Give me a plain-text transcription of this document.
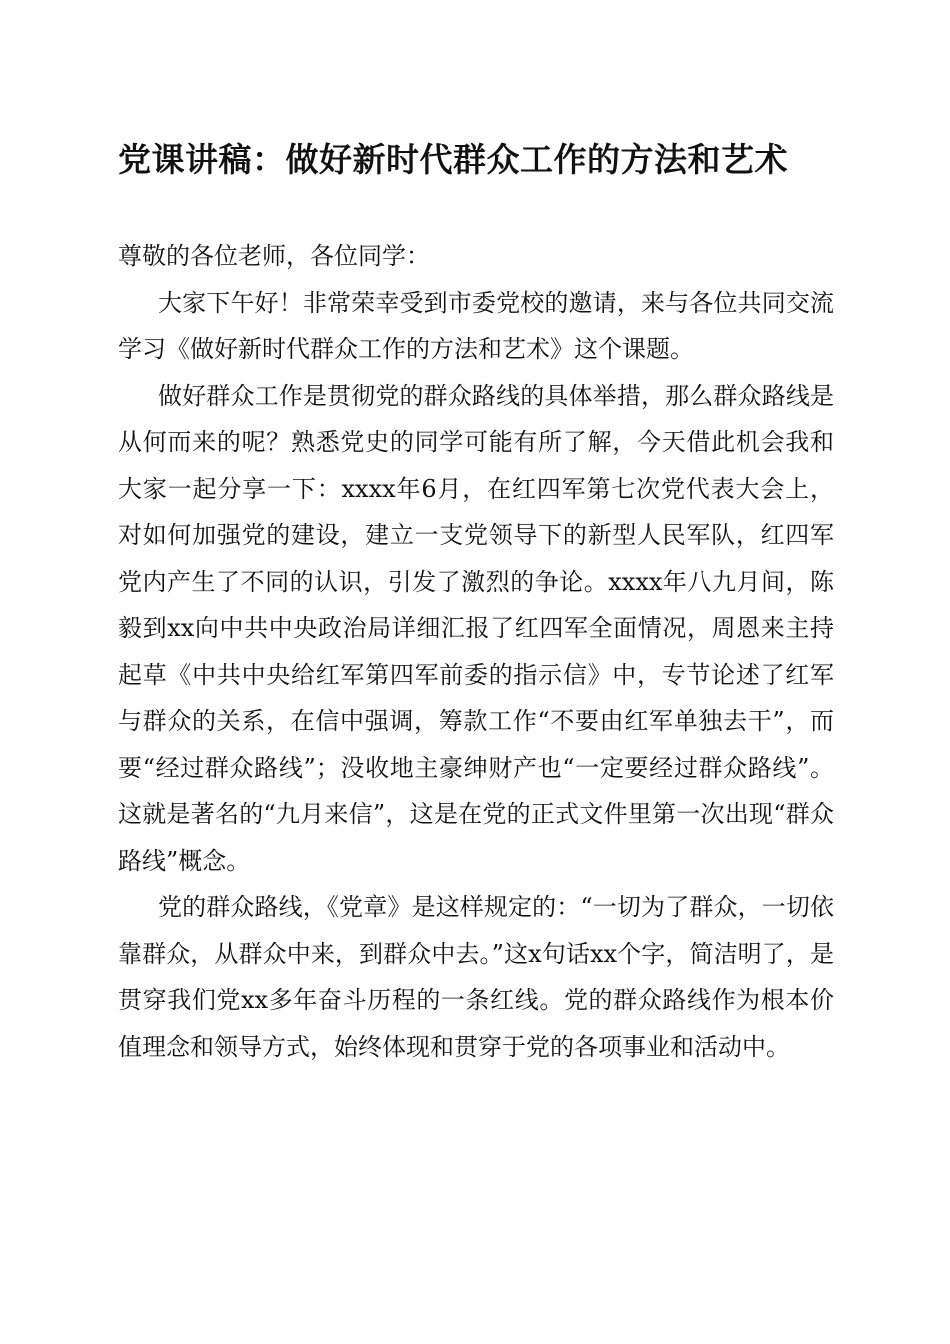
党课讲稿：做好新时代群众工作的方法和艺术

尊敬的各位老师，各位同学：

大家下午好！非常荣幸受到市委党校的邀请，来与各位共同交流学习《做好新时代群众工作的方法和艺术》这个课题。

做好群众工作是贯彻党的群众路线的具体举措，那么群众路线是从何而来的呢？熟悉党史的同学可能有所了解，今天借此机会我和大家一起分享一下：xxxx年6月，在红四军第七次党代表大会上，对如何加强党的建设，建立一支党领导下的新型人民军队，红四军党内产生了不同的认识，引发了激烈的争论。xxxx年八九月间，陈毅到xx向中共中央政治局详细汇报了红四军全面情况，周恩来主持起草《中共中央给红军第四军前委的指示信》中，专节论述了红军与群众的关系，在信中强调，筹款工作“不要由红军单独去干”，而要“经过群众路线”；没收地主豪绅财产也“一定要经过群众路线”。这就是著名的“九月来信”，这是在党的正式文件里第一次出现“群众路线”概念。

党的群众路线，《党章》是这样规定的：“一切为了群众，一切依靠群众，从群众中来，到群众中去。”这x句话xx个字，简洁明了，是贯穿我们党xx多年奋斗历程的一条红线。党的群众路线作为根本价值理念和领导方式，始终体现和贯穿于党的各项事业和活动中。
